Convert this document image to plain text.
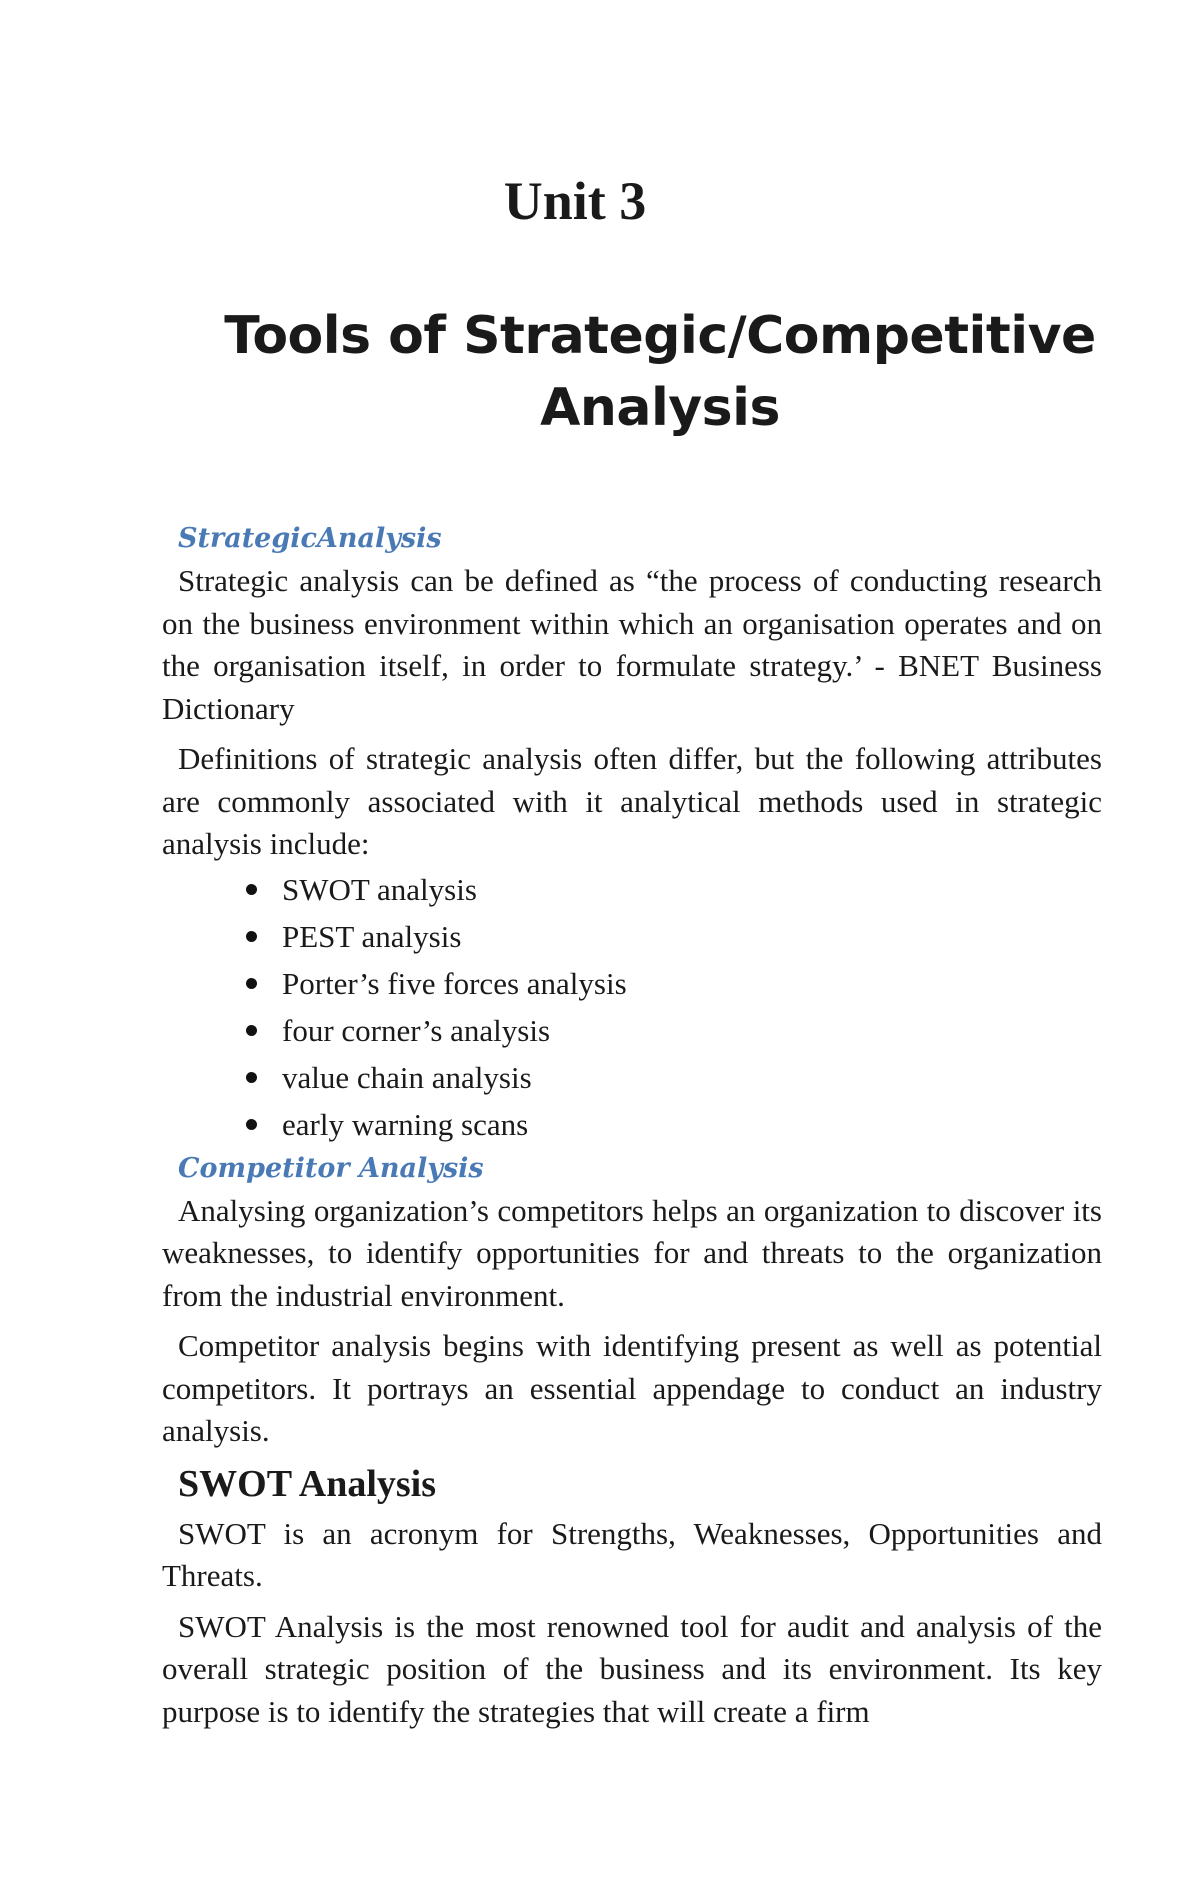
Unit 3
Tools of Strategic/Competitive Analysis
StrategicAnalysis

Strategic analysis can be defined as “the process of conducting research on the business environment within which an organisation operates and on the organisation itself, in order to formulate strategy.’ - BNET Business Dictionary

Definitions of strategic analysis often differ, but the following attributes are commonly associated with it analytical methods used in strategic analysis include:

SWOT analysis
PEST analysis
Porter’s five forces analysis
four corner’s analysis
value chain analysis
early warning scans
Competitor Analysis

Analysing organization’s competitors helps an organization to discover its weaknesses, to identify opportunities for and threats to the organization from the industrial environment.

Competitor analysis begins with identifying present as well as potential competitors. It portrays an essential appendage to conduct an industry analysis.

SWOT Analysis

SWOT is an acronym for Strengths, Weaknesses, Opportunities and Threats.

SWOT Analysis is the most renowned tool for audit and analysis of the overall strategic position of the business and its environment. Its key purpose is to identify the strategies that will create a firm
